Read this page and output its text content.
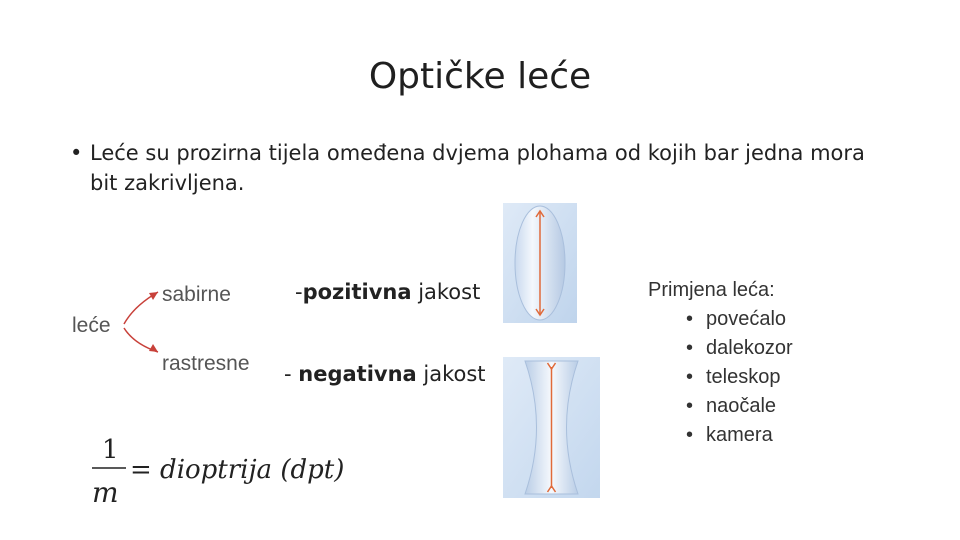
Optičke leće
• Leće su prozirna tijela omeđena dvjema plohama od kojih bar jedna mora bit zakrivljena.
leće
sabirne
rastresne
-pozitivna jakost
- negativna jakost
Primjena leća:
• povećalo
• dalekozor
• teleskop
• naočale
• kamera
1
m
= dioptrija (dpt)
